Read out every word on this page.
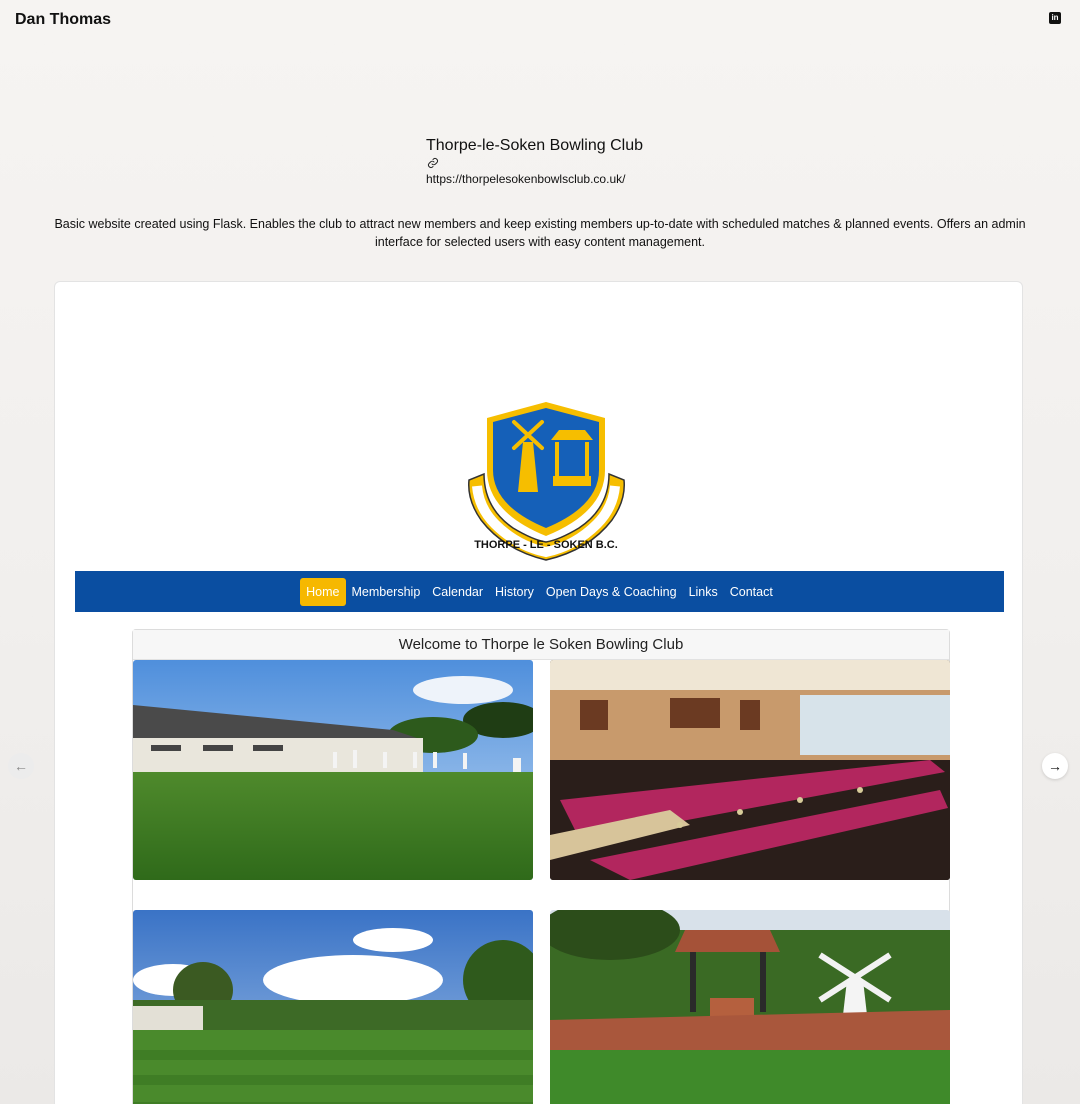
Dan Thomas	in
Thorpe-le-Soken Bowling Club
https://thorpelesokenbowlsclub.co.uk/

Basic website created using Flask. Enables the club to attract new members and keep existing members up-to-date with scheduled matches & planned events. Offers an admin interface for selected users with easy content management.

THORPE - LE - SOKEN B.C.
Home Membership Calendar History Open Days & Coaching Links Contact
Welcome to Thorpe le Soken Bowling Club
←	→
